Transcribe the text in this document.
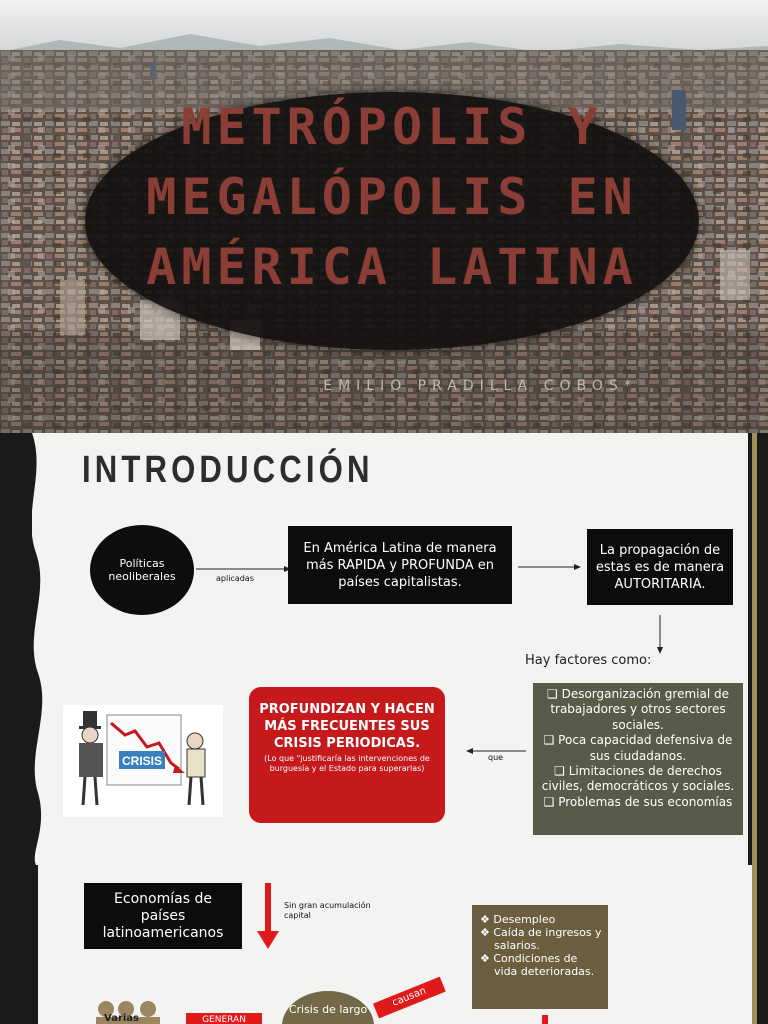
METRÓPOLIS Y
MEGALÓPOLIS EN
AMÉRICA LATINA
EMILIO PRADILLA COBOS*
INTRODUCCIÓN
Políticas neoliberales	aplicadas
En América Latina de manera más RAPIDA y PROFUNDA en países capitalistas.
La propagación de estas es de manera AUTORITARIA.
Hay factores como:
❑ Desorganización gremial de trabajadores y otros sectores sociales.
❑ Poca capacidad defensiva de sus ciudadanos.
❑ Limitaciones de derechos civiles, democráticos y sociales.
❑ Problemas de sus economías
que
PROFUNDIZAN Y HACEN MÁS FRECUENTES SUS CRISIS PERIODICAS.
(Lo que "justificaría las intervenciones de burguesía y el Estado para superarlas)
CRISIS
Economías de países latinoamericanos
Sin gran acumulación capital	❖ Desempleo
❖ Caída de ingresos y salarios.
❖ Condiciones de vida deterioradas.
Varias	GENERAN
Crisis de largo
causan
